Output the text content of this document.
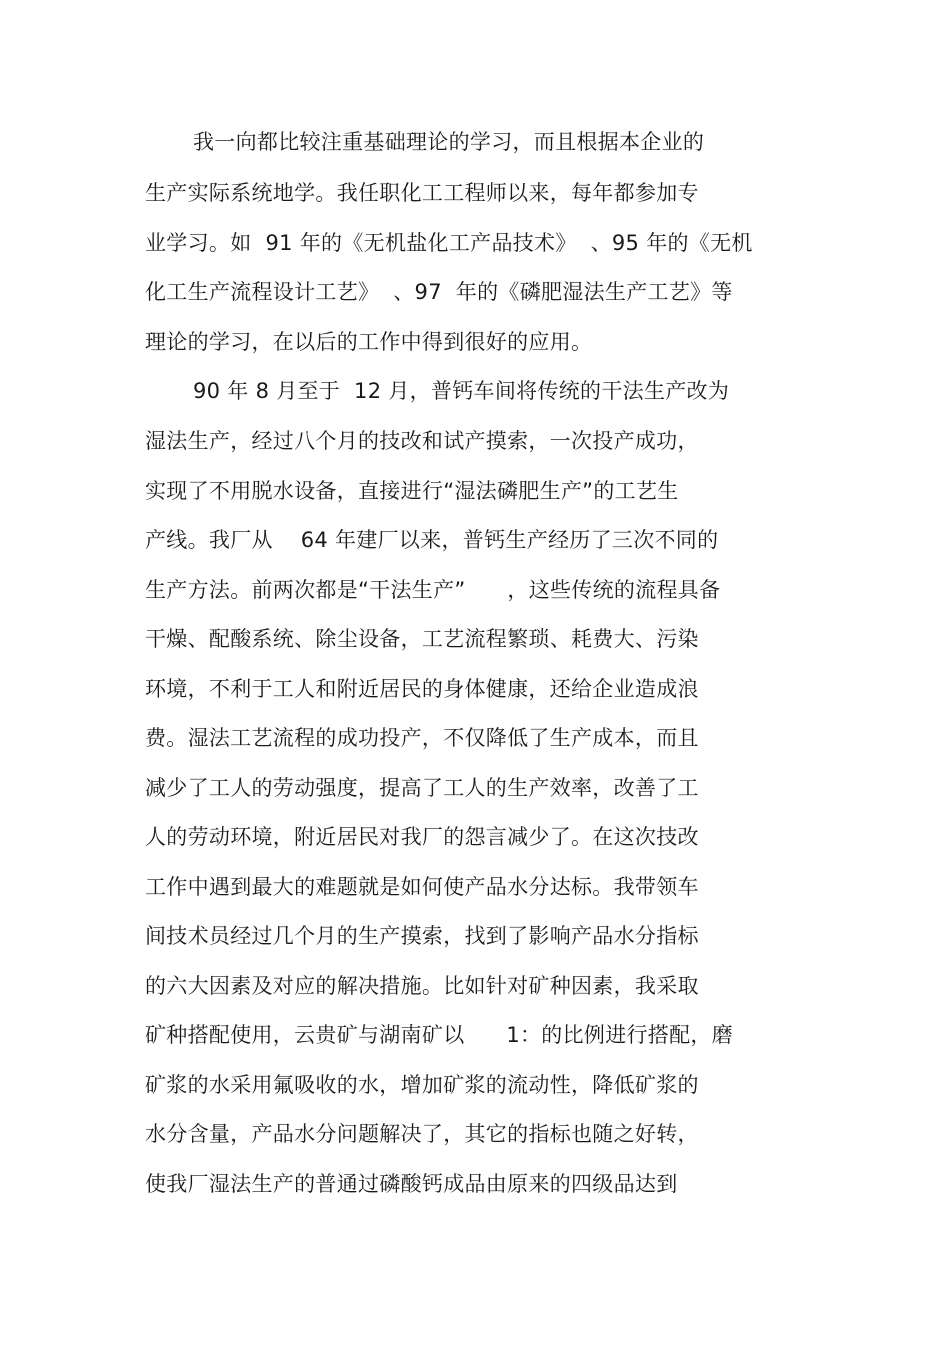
我一向都比较注重基础理论的学习，而且根据本企业的
生产实际系统地学。我任职化工工程师以来，每年都参加专
业学习。如  91 年的《无机盐化工产品技术》  、95 年的《无机
化工生产流程设计工艺》  、97  年的《磷肥湿法生产工艺》等
理论的学习，在以后的工作中得到很好的应用。
90 年 8 月至于  12 月，普钙车间将传统的干法生产改为
湿法生产，经过八个月的技改和试产摸索，一次投产成功，
实现了不用脱水设备，直接进行“湿法磷肥生产”的工艺生
产线。我厂从    64 年建厂以来，普钙生产经历了三次不同的
生产方法。前两次都是“干法生产”      ，这些传统的流程具备
干燥、配酸系统、除尘设备，工艺流程繁琐、耗费大、污染
环境，不利于工人和附近居民的身体健康，还给企业造成浪
费。湿法工艺流程的成功投产，不仅降低了生产成本，而且
减少了工人的劳动强度，提高了工人的生产效率，改善了工
人的劳动环境，附近居民对我厂的怨言减少了。在这次技改
工作中遇到最大的难题就是如何使产品水分达标。我带领车
间技术员经过几个月的生产摸索，找到了影响产品水分指标
的六大因素及对应的解决措施。比如针对矿种因素，我采取
矿种搭配使用，云贵矿与湖南矿以      1：的比例进行搭配，磨
矿浆的水采用氟吸收的水，增加矿浆的流动性，降低矿浆的
水分含量，产品水分问题解决了，其它的指标也随之好转，
使我厂湿法生产的普通过磷酸钙成品由原来的四级品达到
